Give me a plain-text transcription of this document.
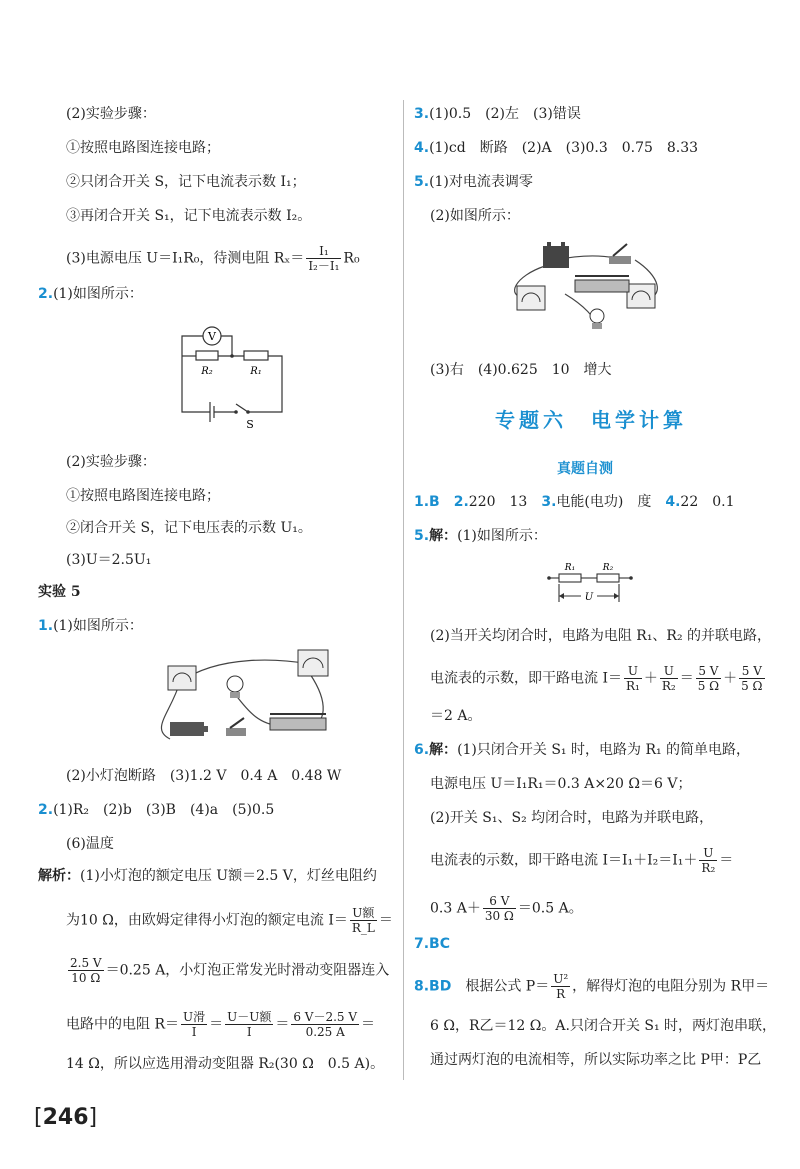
(2)实验步骤：
①按照电路图连接电路；
②只闭合开关 S，记下电流表示数 I₁；
③再闭合开关 S₁，记下电流表示数 I₂。
(3)电源电压 U＝I₁R₀，待测电阻 $R_x= \frac{\text{I₁}}{\text{I₂－I₁}} R_0$
2.(1)如图所示：
V
R₂	R₁
S
(2)实验步骤：
①按照电路图连接电路；
②闭合开关 S，记下电压表的示数 U₁。
(3)U＝2.5U₁
实验 5
1.(1)如图所示：
(2)小灯泡断路　(3)1.2 V　0.4 A　0.48 W
2.(1)R₂　(2)b　(3)B　(4)a　(5)0.5
(6)温度
解析：(1)小灯泡的额定电压 U额＝2.5 V，灯丝电阻约
为10 Ω，由欧姆定律得小灯泡的额定电流 $I= \frac{\text{U额}}{R\_L}$ ＝
$\frac{2.5 V}{10 \Omega} =0.25$ A，小灯泡正常发光时滑动变阻器连入
电路中的电阻 $R= \frac{\text{U滑}}{I} = \frac{\text{U－U额}}{I} = \frac{6 V-2.5 V}{0.25 A}$ ＝
14 Ω，所以应选用滑动变阻器 R₂(30 Ω　0.5 A)。
3.(1)0.5　(2)左　(3)错误
4.(1)cd　断路　(2)A　(3)0.3　0.75　8.33
5.(1)对电流表调零
(2)如图所示：
(3)右　(4)0.625　10　增大
专题六　电学计算
真题自测
1.B　 2.220　13　 3.电能(电功)　度　 4.22　0.1
5.解：(1)如图所示：
R₁	R₂
U
(2)当开关均闭合时，电路为电阻 R₁、R₂ 的并联电路，
电流表的示数，即干路电流 $I= \frac{U}{\text{R₁}} + \frac{U}{\text{R₂}} = \frac{5 V}{5 \Omega} + \frac{5 V}{5 \Omega}$
＝2 A。
6.解：(1)只闭合开关 S₁ 时，电路为 R₁ 的简单电路，
电源电压 U＝I₁R₁＝0.3 A×20 Ω＝6 V；
(2)开关 S₁、S₂ 均闭合时，电路为并联电路，
电流表的示数，即干路电流 $I=I_1+I_2=I_1+ \frac{U}{\text{R₂}}$ ＝
0.3 $A+ \frac{6 V}{30 \Omega} =0.5$ A。
7.BC
8.BD　根据公式 $P= \frac{\text{U²}}{R}$ ，解得灯泡的电阻分别为 R甲＝
6 Ω，R乙＝12 Ω。A.只闭合开关 S₁ 时，两灯泡串联，
通过两灯泡的电流相等，所以实际功率之比 P甲：P乙
[246]
